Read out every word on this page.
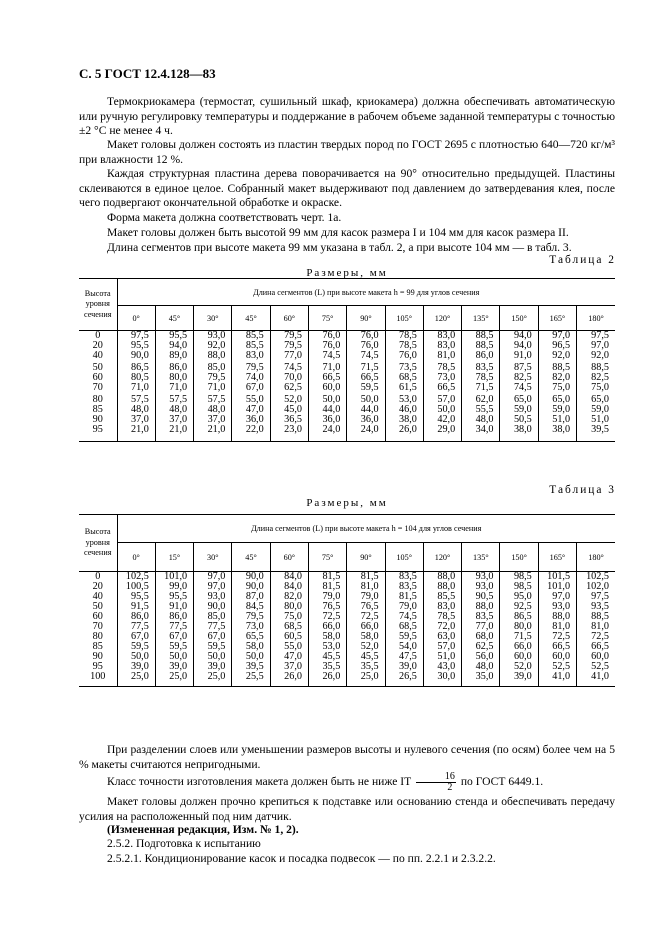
С. 5 ГОСТ 12.4.128—83

Термокриокамера (термостат, сушильный шкаф, криокамера) должна обеспечивать автоматическую или ручную регулировку температуры и поддержание в рабочем объеме заданной температуры с точностью ±2 °С не менее 4 ч.

Макет головы должен состоять из пластин твердых пород по ГОСТ 2695 с плотностью 640—720 кг/м³ при влажности 12 %.

Каждая структурная пластина дерева поворачивается на 90° относительно предыдущей. Пластины склеиваются в единое целое. Собранный макет выдерживают под давлением до затвердевания клея, после чего подвергают окончательной обработке и окраске.

Форма макета должна соответствовать черт. 1а.

Макет головы должен быть высотой 99 мм для касок размера I и 104 мм для касок размера II.

Длина сегментов при высоте макета 99 мм указана в табл. 2, а при высоте 104 мм — в табл. 3.

Таблица 2
Размеры, мм
Высота уровня сечения	Длина сегментов (L) при высоте макета h = 99 для углов сечения												
	0°	45°	30°	45°	60°	75°	90°	105°	120°	135°	150°	165°	180°
0	97,5	95,5	93,0	85,5	79,5	76,0	76,0	78,5	83,0	88,5	94,0	97,0	97,5
20	95,5	94,0	92,0	85,5	79,5	76,0	76,0	78,5	83,0	88,5	94,0	96,5	97,0
40	90,0	89,0	88,0	83,0	77,0	74,5	74,5	76,0	81,0	86,0	91,0	92,0	92,0

50	86,5	86,0	85,0	79,5	74,5	71,0	71,5	73,5	78,5	83,5	87,5	88,5	88,5
60	80,5	80,0	79,5	74,0	70,0	66,5	66,5	68,5	73,0	78,5	82,5	82,0	82,5
70	71,0	71,0	71,0	67,0	62,5	60,0	59,5	61,5	66,5	71,5	74,5	75,0	75,0

80	57,5	57,5	57,5	55,0	52,0	50,0	50,0	53,0	57,0	62,0	65,0	65,0	65,0
85	48,0	48,0	48,0	47,0	45,0	44,0	44,0	46,0	50,0	55,5	59,0	59,0	59,0
90	37,0	37,0	37,0	36,0	36,5	36,0	36,0	38,0	42,0	48,0	50,5	51,0	51,0
95	21,0	21,0	21,0	22,0	23,0	24,0	24,0	26,0	29,0	34,0	38,0	38,0	39,5

Таблица 3
Размеры, мм
Высота уровня сечения	Длина сегментов (L) при высоте макета h = 104 для углов сечения												
	0°	15°	30°	45°	60°	75°	90°	105°	120°	135°	150°	165°	180°
0	102,5	101,0	97,0	90,0	84,0	81,5	81,5	83,5	88,0	93,0	98,5	101,5	102,5
20	100,5	99,0	97,0	90,0	84,0	81,5	81,0	83,5	88,0	93,0	98,5	101,0	102,0
40	95,5	95,5	93,0	87,0	82,0	79,0	79,0	81,5	85,5	90,5	95,0	97,0	97,5
50	91,5	91,0	90,0	84,5	80,0	76,5	76,5	79,0	83,0	88,0	92,5	93,0	93,5
60	86,0	86,0	85,0	79,5	75,0	72,5	72,5	74,5	78,5	83,5	86,5	88,0	88,5
70	77,5	77,5	77,5	73,0	68,5	66,0	66,0	68,5	72,0	77,0	80,0	81,0	81,0
80	67,0	67,0	67,0	65,5	60,5	58,0	58,0	59,5	63,0	68,0	71,5	72,5	72,5
85	59,5	59,5	59,5	58,0	55,0	53,0	52,0	54,0	57,0	62,5	66,0	66,5	66,5
90	50,0	50,0	50,0	50,0	47,0	45,5	45,5	47,5	51,0	56,0	60,0	60,0	60,0
95	39,0	39,0	39,0	39,5	37,0	35,5	35,5	39,0	43,0	48,0	52,0	52,5	52,5
100	25,0	25,0	25,0	25,5	26,0	26,0	25,0	26,5	30,0	35,0	39,0	41,0	41,0

При разделении слоев или уменьшении размеров высоты и нулевого сечения (по осям) более чем на 5 % макеты считаются непригодными.

Класс точности изготовления макета должен быть не ниже IT $\frac{16}{2}$ по ГОСТ 6449.1.

Макет головы должен прочно крепиться к подставке или основанию стенда и обеспечивать передачу усилия на расположенный под ним датчик.

(Измененная редакция, Изм. № 1, 2).

2.5.2. Подготовка к испытанию

2.5.2.1. Кондиционирование касок и посадка подвесок — по пп. 2.2.1 и 2.3.2.2.
